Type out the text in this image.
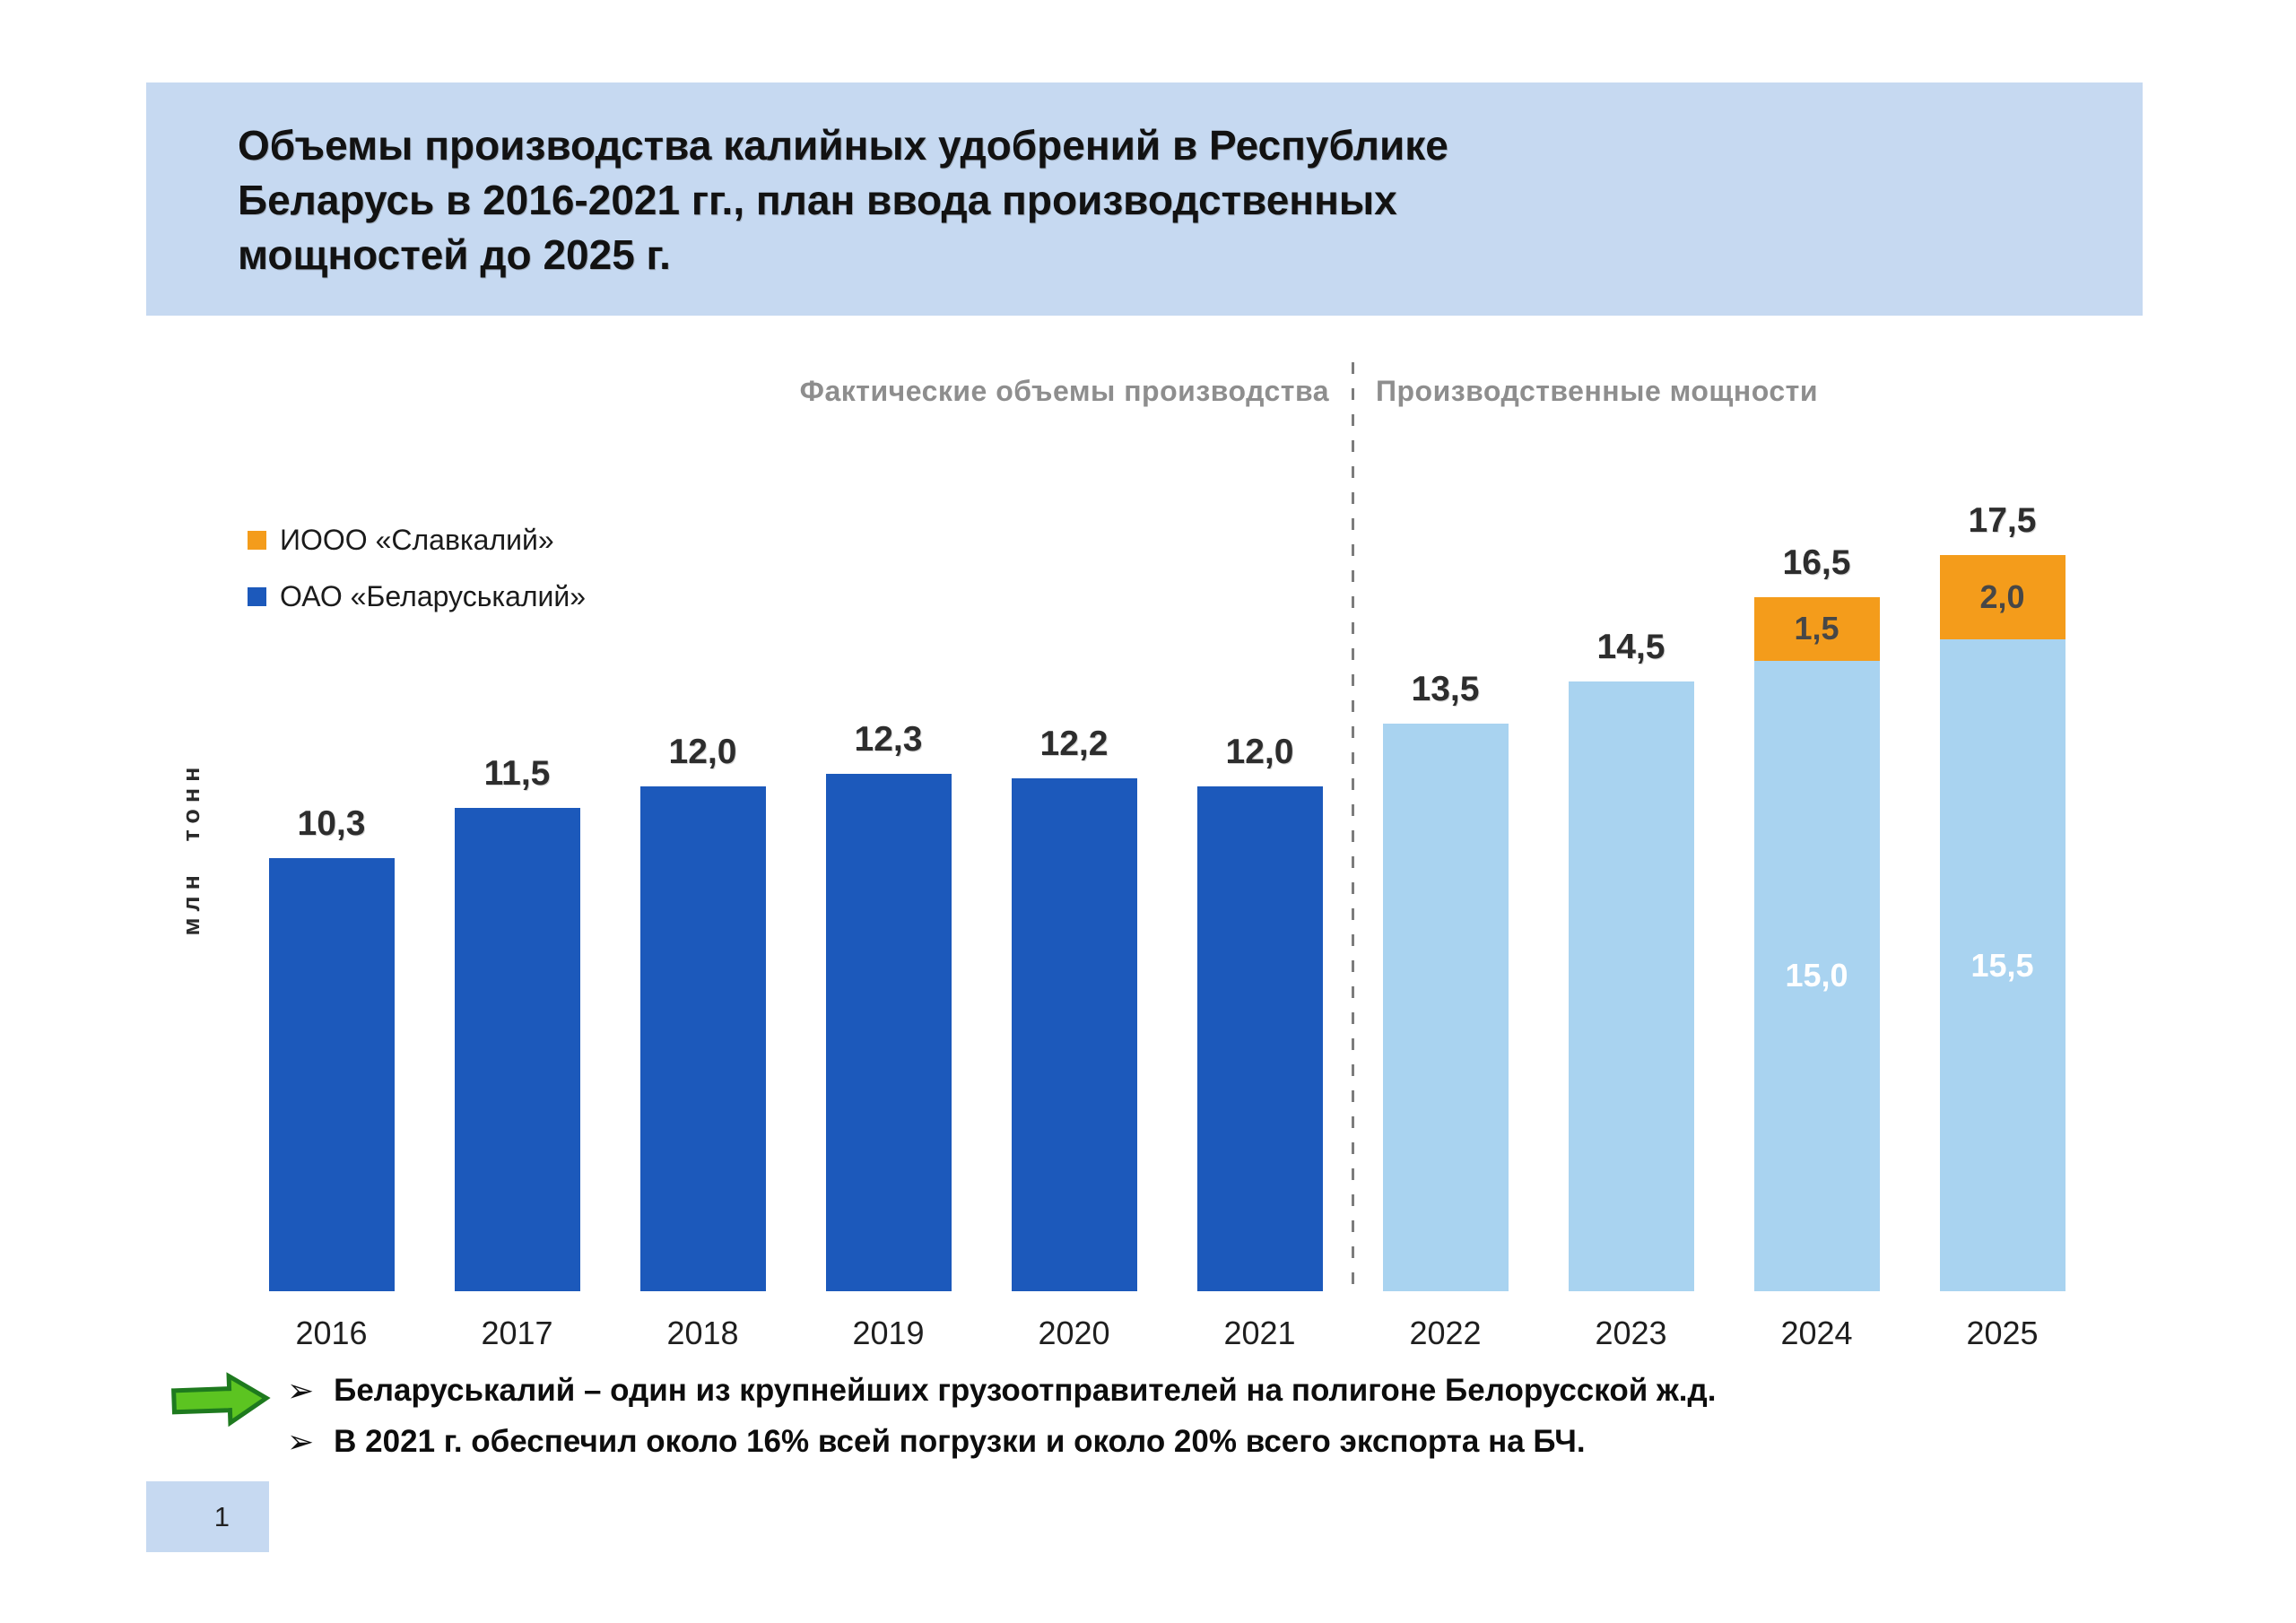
Объемы производства калийных удобрений в Республике
Беларусь в 2016-2021 гг., план ввода производственных
мощностей до 2025 г.
Фактические объемы производства Производственные мощности
ИООО «Славкалий»
ОАО «Беларуськалий»
млн тонн	10,3
2016
11,5
2017
12,0
2018
12,3
2019
12,2
2020
12,0
2021
13,5
2022
14,5
2023
15,0
1,5
16,5
2024
15,5
2,0
17,5
2025
➢ Беларуськалий – один из крупнейших грузоотправителей на полигоне Белорусской ж.д.
➢ В 2021 г. обеспечил около 16% всей погрузки и около 20% всего экспорта на БЧ.
1
